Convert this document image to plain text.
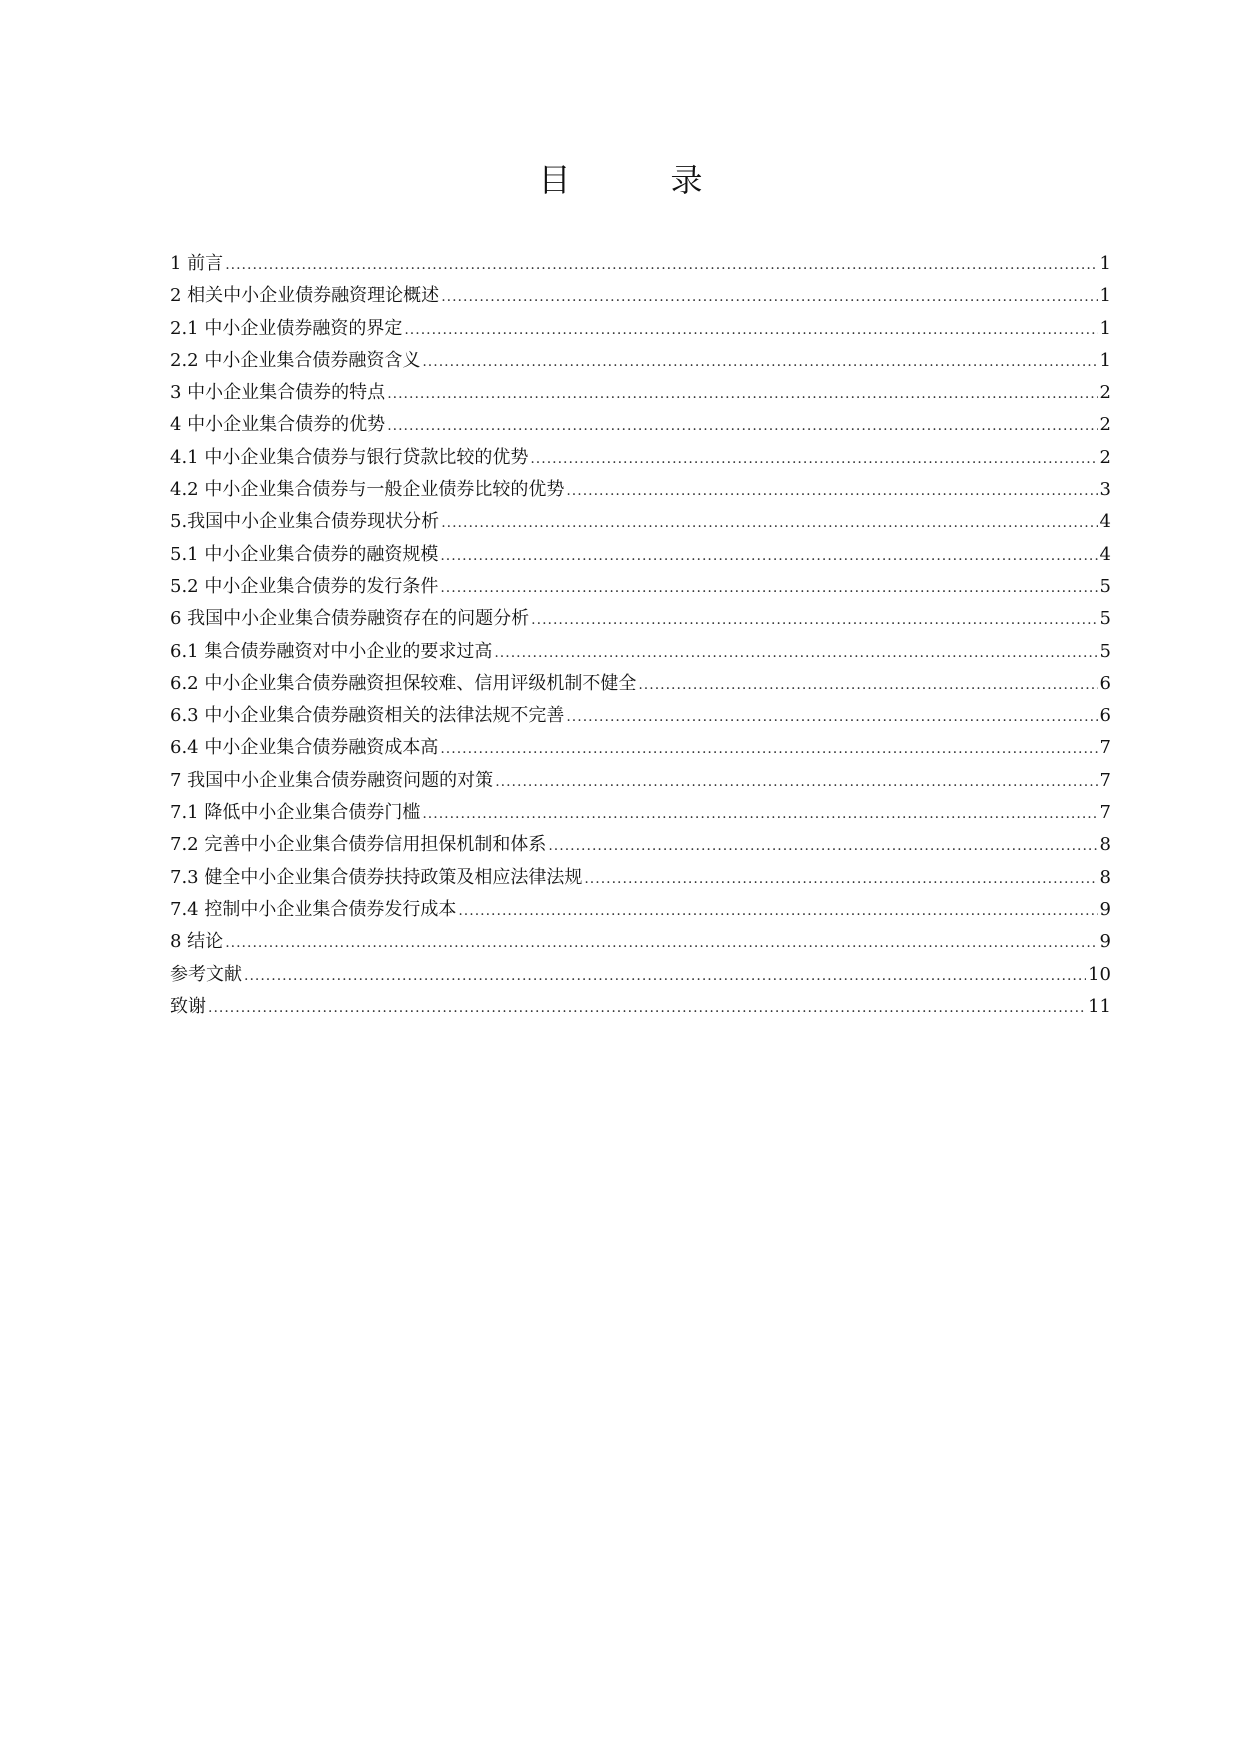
目　录
1 前言 .....	1
2 相关中小企业债券融资理论概述 .....	1
2.1 中小企业债券融资的界定 .....	1
2.2 中小企业集合债券融资含义 .....	1
3 中小企业集合债券的特点 .....	2
4 中小企业集合债券的优势 .....	2
4.1 中小企业集合债券与银行贷款比较的优势 .....	2
4.2 中小企业集合债券与一般企业债券比较的优势 .....	3
5.我国中小企业集合债券现状分析 .....	4
5.1 中小企业集合债券的融资规模 .....	4
5.2 中小企业集合债券的发行条件 .....	5
6 我国中小企业集合债券融资存在的问题分析 .....	5
6.1 集合债券融资对中小企业的要求过高 .....	5
6.2 中小企业集合债券融资担保较难、信用评级机制不健全 .....	6
6.3 中小企业集合债券融资相关的法律法规不完善 .....	6
6.4 中小企业集合债券融资成本高 .....	7
7 我国中小企业集合债券融资问题的对策 .....	7
7.1 降低中小企业集合债券门槛 .....	7
7.2 完善中小企业集合债券信用担保机制和体系 .....	8
7.3 健全中小企业集合债券扶持政策及相应法律法规 .....	8
7.4 控制中小企业集合债券发行成本 .....	9
8 结论 .....	9
参考文献 .....	10
致谢 .....	11
